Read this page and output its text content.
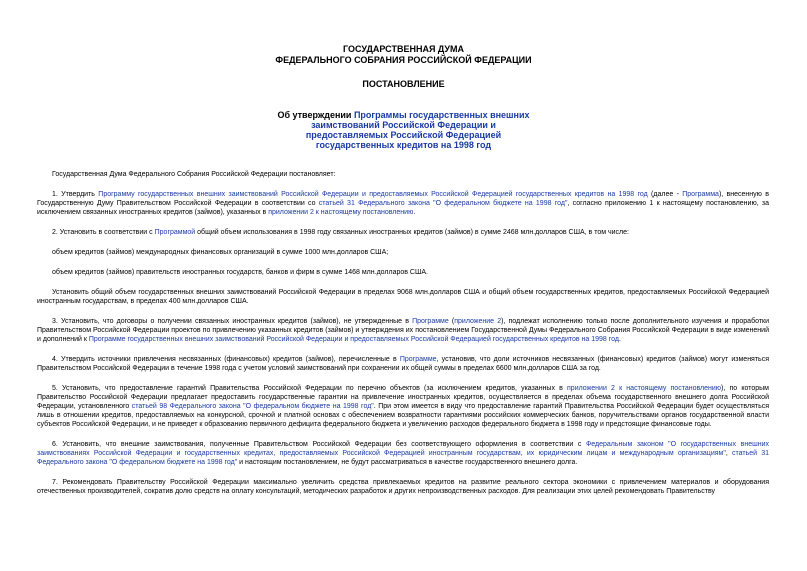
ГОСУДАРСТВЕННАЯ ДУМА
ФЕДЕРАЛЬНОГО СОБРАНИЯ РОССИЙСКОЙ ФЕДЕРАЦИИ
ПОСТАНОВЛЕНИЕ
Об утверждении Программы государственных внешних
заимствований Российской Федерации и
предоставляемых Российской Федерацией
государственных кредитов на 1998 год

Государственная Дума Федерального Собрания Российской Федерации постановляет:

1. Утвердить Программу государственных внешних заимствований Российской Федерации и предоставляемых Российской Федерацией государственных кредитов на 1998 год (далее - Программа), внесенную в Государственную Думу Правительством Российской Федерации в соответствии со статьей 31 Федерального закона "О федеральном бюджете на 1998 год", согласно приложению 1 к настоящему постановлению, за исключением связанных иностранных кредитов (займов), указанных в приложении 2 к настоящему постановлению.

2. Установить в соответствии с Программой общий объем использования в 1998 году связанных иностранных кредитов (займов) в сумме 2468 млн.долларов США, в том числе:

объем кредитов (займов) международных финансовых организаций в сумме 1000 млн.долларов США;

объем кредитов (займов) правительств иностранных государств, банков и фирм в сумме 1468 млн.долларов США.

Установить общий объем государственных внешних заимствований Российской Федерации в пределах 9068 млн.долларов США и общий объем государственных кредитов, предоставляемых Российской Федерацией иностранным государствам, в пределах 400 млн.долларов США.

3. Установить, что договоры о получении связанных иностранных кредитов (займов), не утвержденные в Программе (приложение 2), подлежат исполнению только после дополнительного изучения и проработки Правительством Российской Федерации проектов по привлечению указанных кредитов (займов) и утверждения их постановлением Государственной Думы Федерального Собрания Российской Федерации в виде изменений и дополнений к Программе государственных внешних заимствований Российской Федерации и предоставляемых Российской Федерацией государственных кредитов на 1998 год.

4. Утвердить источники привлечения несвязанных (финансовых) кредитов (займов), перечисленные в Программе, установив, что доли источников несвязанных (финансовых) кредитов (займов) могут изменяться Правительством Российской Федерации в течение 1998 года с учетом условий заимствований при сохранении их общей суммы в пределах 6600 млн.долларов США за год.

5. Установить, что предоставление гарантий Правительства Российской Федерации по перечню объектов (за исключением кредитов, указанных в приложении 2 к настоящему постановлению), по которым Правительство Российской Федерации предлагает предоставить государственные гарантии на привлечение иностранных кредитов, осуществляется в пределах объема государственного внешнего долга Российской Федерации, установленного статьей 98 Федерального закона "О федеральном бюджете на 1998 год". При этом имеется в виду что предоставление гарантий Правительства Российской Федерации будет осуществляться лишь в отношении кредитов, предоставляемых на конкурсной, срочной и платной основах с обеспечением возвратности гарантиями российских коммерческих банков, поручительствами органов государственной власти субъектов Российской Федерации, и не приведет к образованию первичного дефицита федерального бюджета и увеличению расходов федерального бюджета в 1998 году и предстоящие финансовые годы.

6. Установить, что внешние заимствования, полученные Правительством Российской Федерации без соответствующего оформления в соответствии с Федеральным законом "О государственных внешних заимствованиях Российской Федерации и государственных кредитах, предоставляемых Российской Федерацией иностранным государствам, их юридическим лицам и международным организациям", статьей 31 Федерального закона "О федеральном бюджете на 1998 год" и настоящим постановлением, не будут рассматриваться в качестве государственного внешнего долга.

7. Рекомендовать Правительству Российской Федерации максимально увеличить средства привлекаемых кредитов на развитие реального сектора экономики с привлечением материалов и оборудования отечественных производителей, сократив долю средств на оплату консультаций, методических разработок и других непроизводственных расходов. Для реализации этих целей рекомендовать Правительству
